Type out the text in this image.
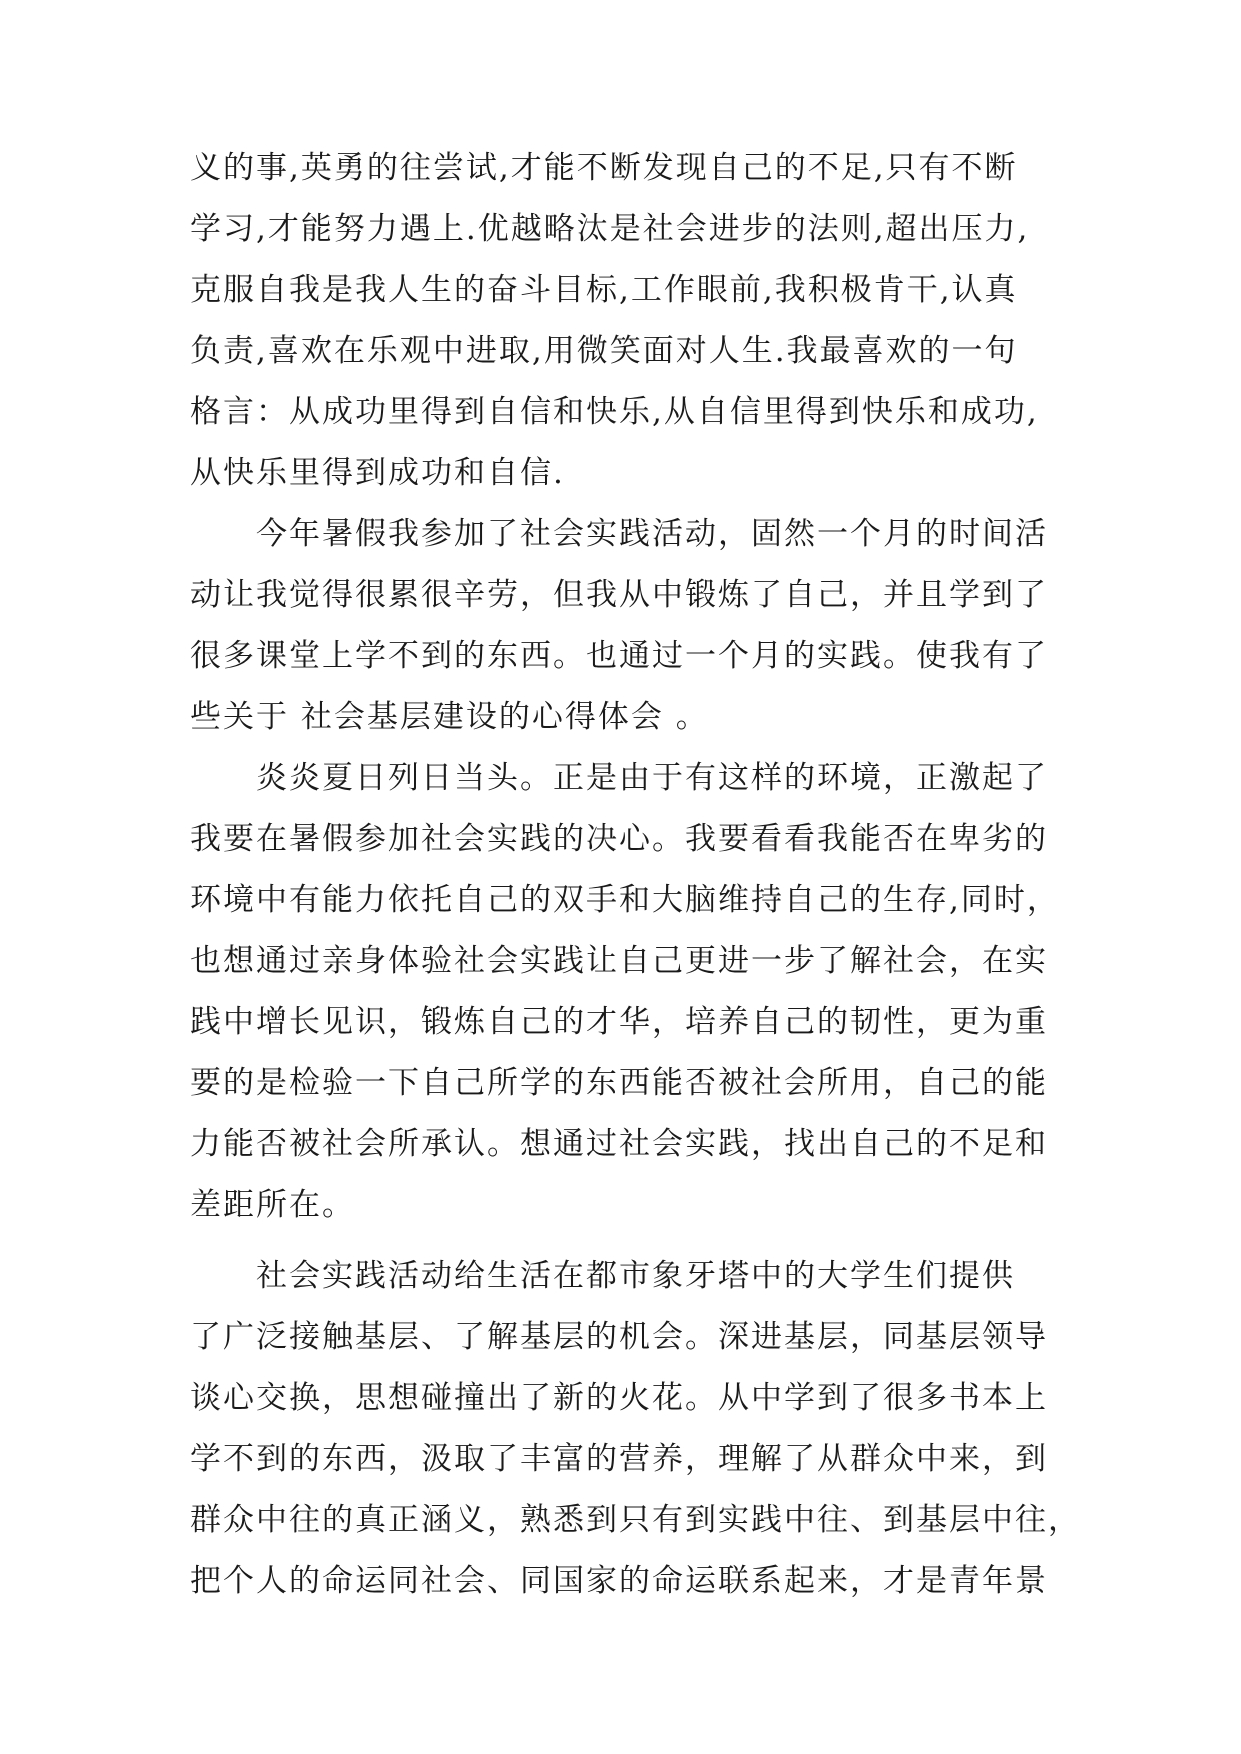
义的事,英勇的往尝试,才能不断发现自己的不足,只有不断
学习,才能努力遇上.优越略汰是社会进步的法则,超出压力,
克服自我是我人生的奋斗目标,工作眼前,我积极肯干,认真
负责,喜欢在乐观中进取,用微笑面对人生.我最喜欢的一句
格言：从成功里得到自信和快乐,从自信里得到快乐和成功,
从快乐里得到成功和自信.
　　今年暑假我参加了社会实践活动，固然一个月的时间活
动让我觉得很累很辛劳，但我从中锻炼了自己，并且学到了
很多课堂上学不到的东西。也通过一个月的实践。使我有了
些关于 社会基层建设的心得体会 。
　　炎炎夏日列日当头。正是由于有这样的环境，正激起了
我要在暑假参加社会实践的决心。我要看看我能否在卑劣的
环境中有能力依托自己的双手和大脑维持自己的生存,同时，
也想通过亲身体验社会实践让自己更进一步了解社会，在实
践中增长见识，锻炼自己的才华，培养自己的韧性，更为重
要的是检验一下自己所学的东西能否被社会所用，自己的能
力能否被社会所承认。想通过社会实践，找出自己的不足和
差距所在。
　　社会实践活动给生活在都市象牙塔中的大学生们提供
了广泛接触基层、了解基层的机会。深进基层，同基层领导
谈心交换，思想碰撞出了新的火花。从中学到了很多书本上
学不到的东西，汲取了丰富的营养，理解了从群众中来，到
群众中往的真正涵义，熟悉到只有到实践中往、到基层中往，
把个人的命运同社会、同国家的命运联系起来，才是青年景
